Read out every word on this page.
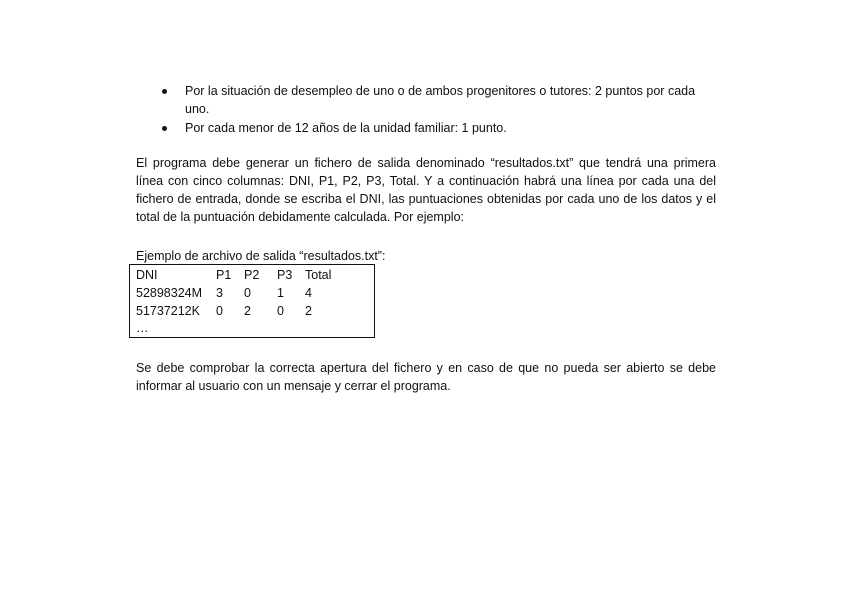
Por la situación de desempleo de uno o de ambos progenitores o tutores: 2 puntos por cada uno.
Por cada menor de 12 años de la unidad familiar: 1 punto.

El programa debe generar un fichero de salida denominado “resultados.txt” que tendrá una primera línea con cinco columnas: DNI, P1, P2, P3, Total. Y a continuación habrá una línea por cada una del fichero de entrada, donde se escriba el DNI, las puntuaciones obtenidas por cada uno de los datos y el total de la puntuación debidamente calculada. Por ejemplo:

Ejemplo de archivo de salida “resultados.txt”:

DNI	P1	P2	P3	Total
52898324M	3	0	1	4
51737212K	0	2	0	2
…				

Se debe comprobar la correcta apertura del fichero y en caso de que no pueda ser abierto se debe informar al usuario con un mensaje y cerrar el programa.
